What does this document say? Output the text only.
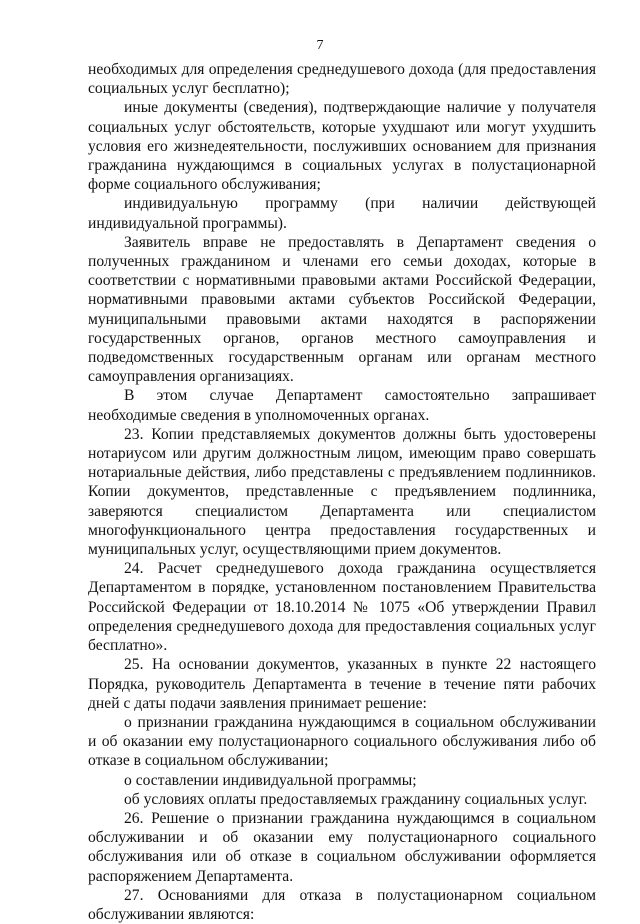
7

необходимых для определения среднедушевого дохода (для предоставления социальных услуг бесплатно);

иные документы (сведения), подтверждающие наличие у получателя социальных услуг обстоятельств, которые ухудшают или могут ухудшить условия его жизнедеятельности, послуживших основанием для признания гражданина нуждающимся в социальных услугах в полустационарной форме социального обслуживания;

индивидуальную программу (при наличии действующей индивидуальной программы).

Заявитель вправе не предоставлять в Департамент сведения о полученных гражданином и членами его семьи доходах, которые в соответствии с нормативными правовыми актами Российской Федерации, нормативными правовыми актами субъектов Российской Федерации, муниципальными правовыми актами находятся в распоряжении государственных органов, органов местного самоуправления и подведомственных государственным органам или органам местного самоуправления организациях.

В этом случае Департамент самостоятельно запрашивает необходимые сведения в уполномоченных органах.

23. Копии представляемых документов должны быть удостоверены нотариусом или другим должностным лицом, имеющим право совершать нотариальные действия, либо представлены с предъявлением подлинников. Копии документов, представленные с предъявлением подлинника, заверяются специалистом Департамента или специалистом многофункционального центра предоставления государственных и муниципальных услуг, осуществляющими прием документов.

24. Расчет среднедушевого дохода гражданина осуществляется Департаментом в порядке, установленном постановлением Правительства Российской Федерации от 18.10.2014 № 1075 «Об утверждении Правил определения среднедушевого дохода для предоставления социальных услуг бесплатно».

25. На основании документов, указанных в пункте 22 настоящего Порядка, руководитель Департамента в течение в течение пяти рабочих дней с даты подачи заявления принимает решение:

о признании гражданина нуждающимся в социальном обслуживании и об оказании ему полустационарного социального обслуживания либо об отказе в социальном обслуживании;

о составлении индивидуальной программы;

об условиях оплаты предоставляемых гражданину социальных услуг.

26. Решение о признании гражданина нуждающимся в социальном обслуживании и об оказании ему полустационарного социального обслуживания или об отказе в социальном обслуживании оформляется распоряжением Департамента.

27. Основаниями для отказа в полустационарном социальном обслуживании являются:
